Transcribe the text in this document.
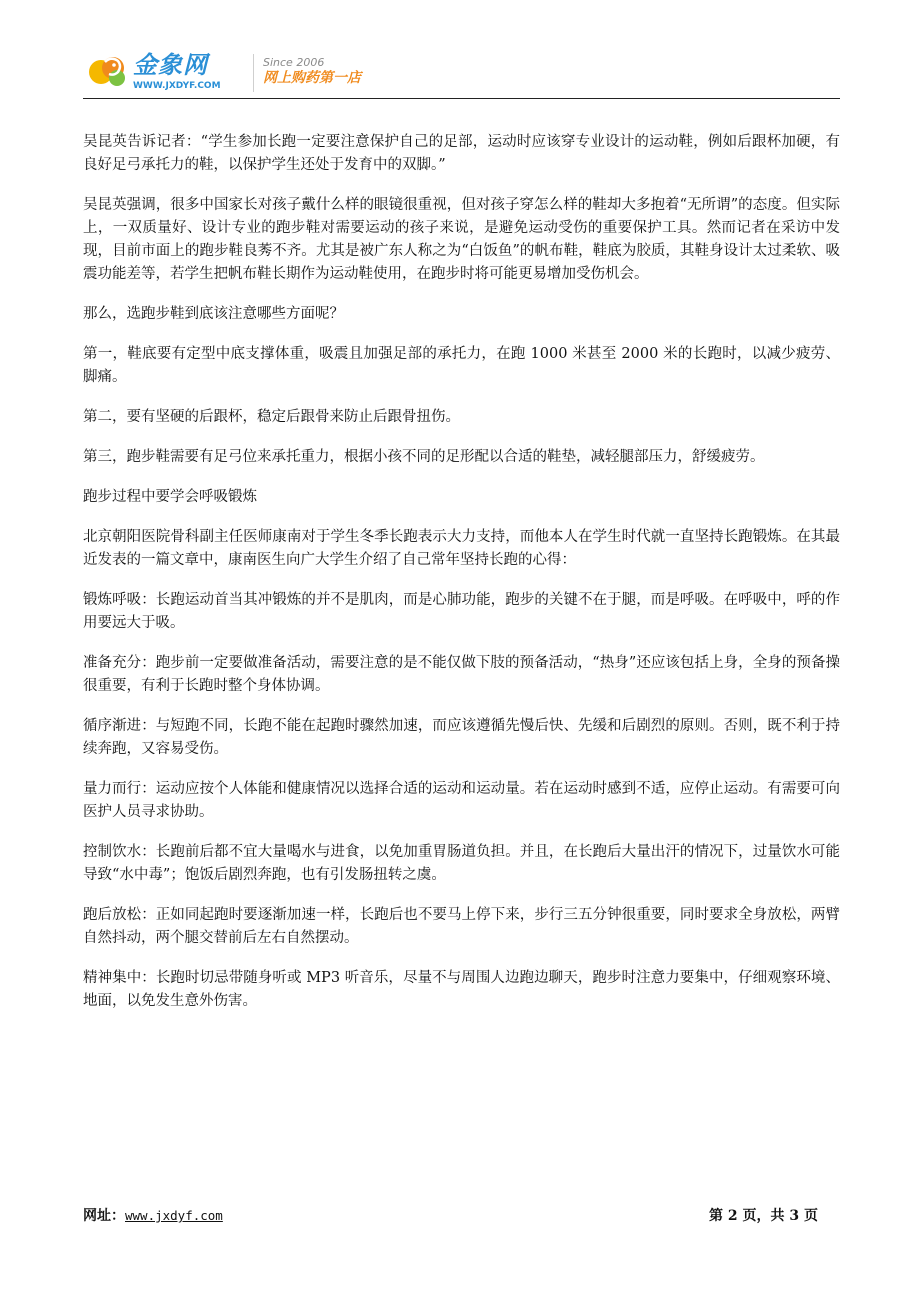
金象网
WWW.JXDYF.COM
Since 2006
网上购药第一店

吴昆英告诉记者：“学生参加长跑一定要注意保护自己的足部，运动时应该穿专业设计的运动鞋，例如后跟杯加硬，有良好足弓承托力的鞋，以保护学生还处于发育中的双脚。”

吴昆英强调，很多中国家长对孩子戴什么样的眼镜很重视，但对孩子穿怎么样的鞋却大多抱着“无所谓”的态度。但实际上，一双质量好、设计专业的跑步鞋对需要运动的孩子来说，是避免运动受伤的重要保护工具。然而记者在采访中发现，目前市面上的跑步鞋良莠不齐。尤其是被广东人称之为“白饭鱼”的帆布鞋，鞋底为胶质，其鞋身设计太过柔软、吸震功能差等，若学生把帆布鞋长期作为运动鞋使用，在跑步时将可能更易增加受伤机会。

那么，选跑步鞋到底该注意哪些方面呢？

第一，鞋底要有定型中底支撑体重，吸震且加强足部的承托力，在跑 1000 米甚至 2000 米的长跑时，以减少疲劳、脚痛。

第二，要有坚硬的后跟杯，稳定后跟骨来防止后跟骨扭伤。

第三，跑步鞋需要有足弓位来承托重力，根据小孩不同的足形配以合适的鞋垫，减轻腿部压力，舒缓疲劳。

跑步过程中要学会呼吸锻炼

北京朝阳医院骨科副主任医师康南对于学生冬季长跑表示大力支持，而他本人在学生时代就一直坚持长跑锻炼。在其最近发表的一篇文章中，康南医生向广大学生介绍了自己常年坚持长跑的心得：

锻炼呼吸：长跑运动首当其冲锻炼的并不是肌肉，而是心肺功能，跑步的关键不在于腿，而是呼吸。在呼吸中，呼的作用要远大于吸。

准备充分：跑步前一定要做准备活动，需要注意的是不能仅做下肢的预备活动，“热身”还应该包括上身，全身的预备操很重要，有利于长跑时整个身体协调。

循序渐进：与短跑不同，长跑不能在起跑时骤然加速，而应该遵循先慢后快、先缓和后剧烈的原则。否则，既不利于持续奔跑，又容易受伤。

量力而行：运动应按个人体能和健康情况以选择合适的运动和运动量。若在运动时感到不适，应停止运动。有需要可向医护人员寻求协助。

控制饮水：长跑前后都不宜大量喝水与进食，以免加重胃肠道负担。并且，在长跑后大量出汗的情况下，过量饮水可能导致“水中毒”；饱饭后剧烈奔跑，也有引发肠扭转之虞。

跑后放松：正如同起跑时要逐渐加速一样，长跑后也不要马上停下来，步行三五分钟很重要，同时要求全身放松，两臂自然抖动，两个腿交替前后左右自然摆动。

精神集中：长跑时切忌带随身听或 MP3 听音乐，尽量不与周围人边跑边聊天，跑步时注意力要集中，仔细观察环境、地面，以免发生意外伤害。

网址：www.jxdyf.com	第 2 页，共 3 页
